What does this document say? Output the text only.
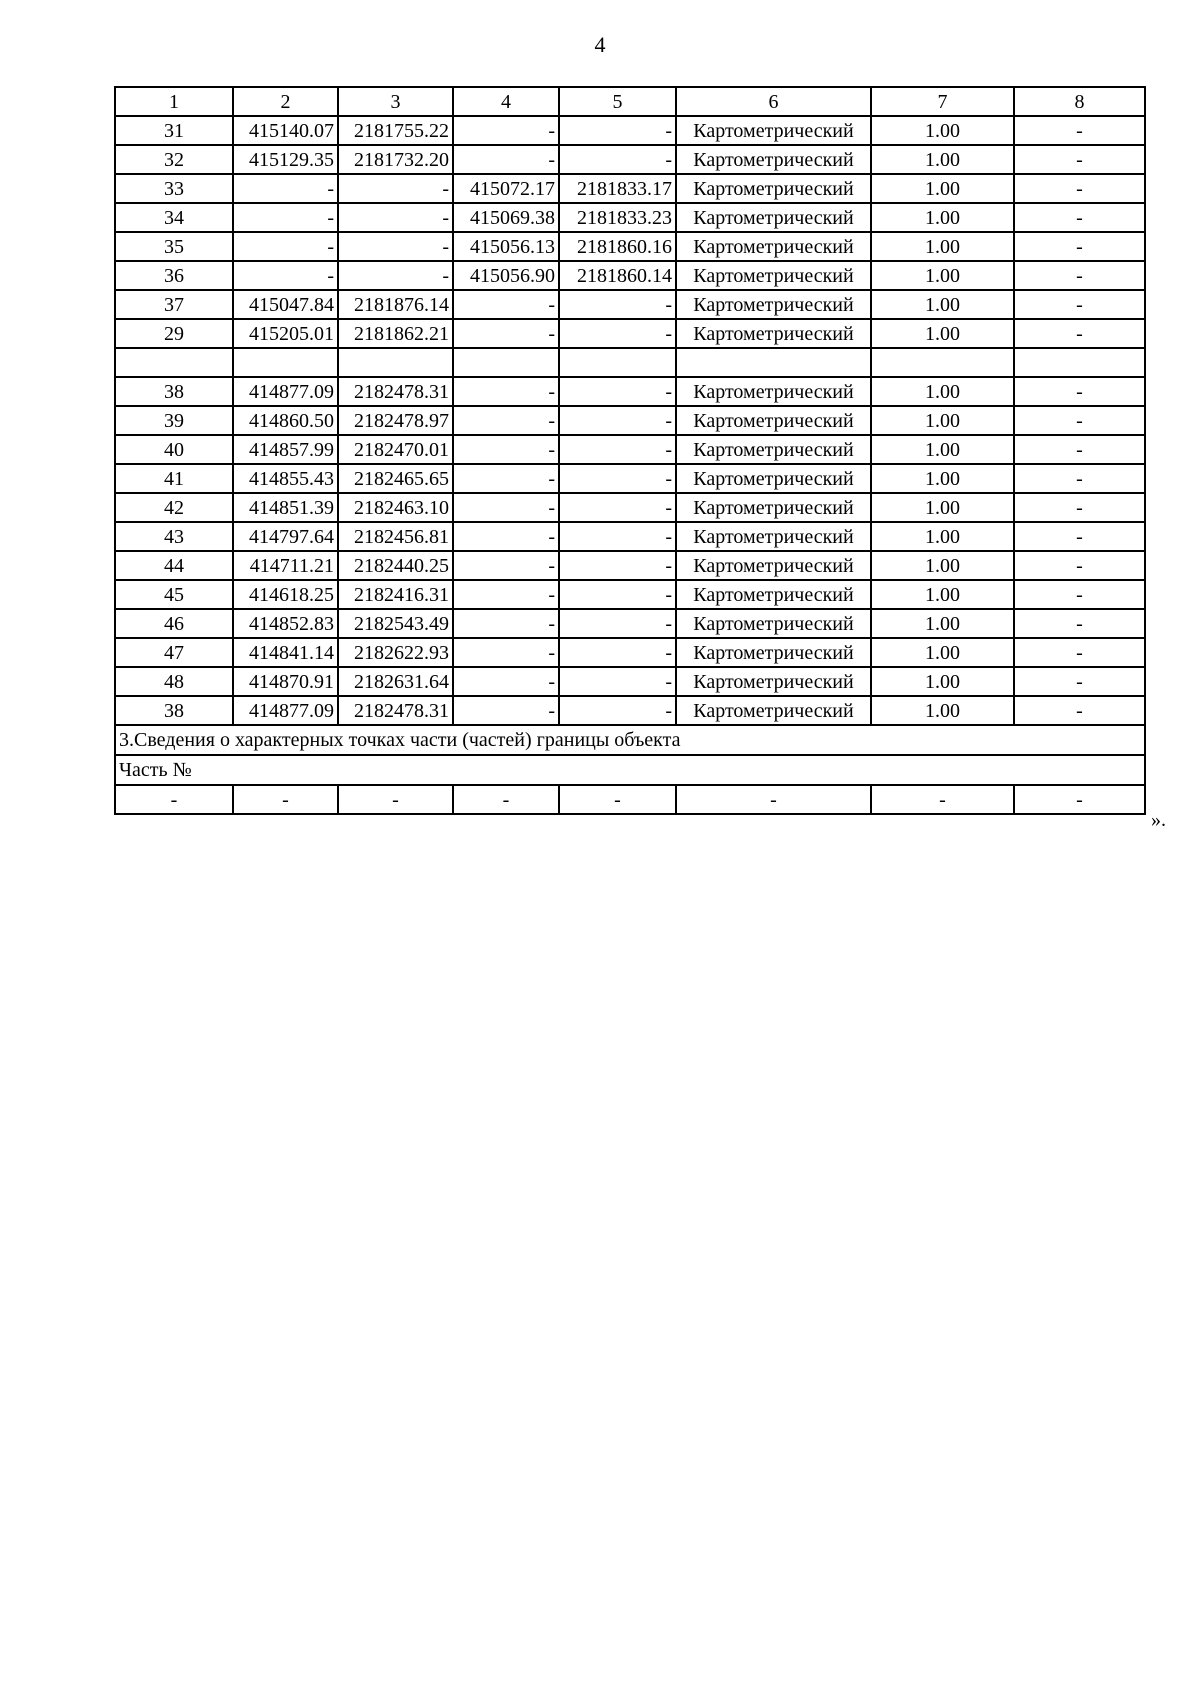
4
1	2	3	4	5	6	7	8
31	415140.07	2181755.22	-	-	Картометрический	1.00	-
32	415129.35	2181732.20	-	-	Картометрический	1.00	-
33	-	-	415072.17	2181833.17	Картометрический	1.00	-
34	-	-	415069.38	2181833.23	Картометрический	1.00	-
35	-	-	415056.13	2181860.16	Картометрический	1.00	-
36	-	-	415056.90	2181860.14	Картометрический	1.00	-
37	415047.84	2181876.14	-	-	Картометрический	1.00	-
29	415205.01	2181862.21	-	-	Картометрический	1.00	-

38	414877.09	2182478.31	-	-	Картометрический	1.00	-
39	414860.50	2182478.97	-	-	Картометрический	1.00	-
40	414857.99	2182470.01	-	-	Картометрический	1.00	-
41	414855.43	2182465.65	-	-	Картометрический	1.00	-
42	414851.39	2182463.10	-	-	Картометрический	1.00	-
43	414797.64	2182456.81	-	-	Картометрический	1.00	-
44	414711.21	2182440.25	-	-	Картометрический	1.00	-
45	414618.25	2182416.31	-	-	Картометрический	1.00	-
46	414852.83	2182543.49	-	-	Картометрический	1.00	-
47	414841.14	2182622.93	-	-	Картометрический	1.00	-
48	414870.91	2182631.64	-	-	Картометрический	1.00	-
38	414877.09	2182478.31	-	-	Картометрический	1.00	-
3.Сведения о характерных точках части (частей) границы объекта							
Часть №							
-	-	-	-	-	-	-	-
».
